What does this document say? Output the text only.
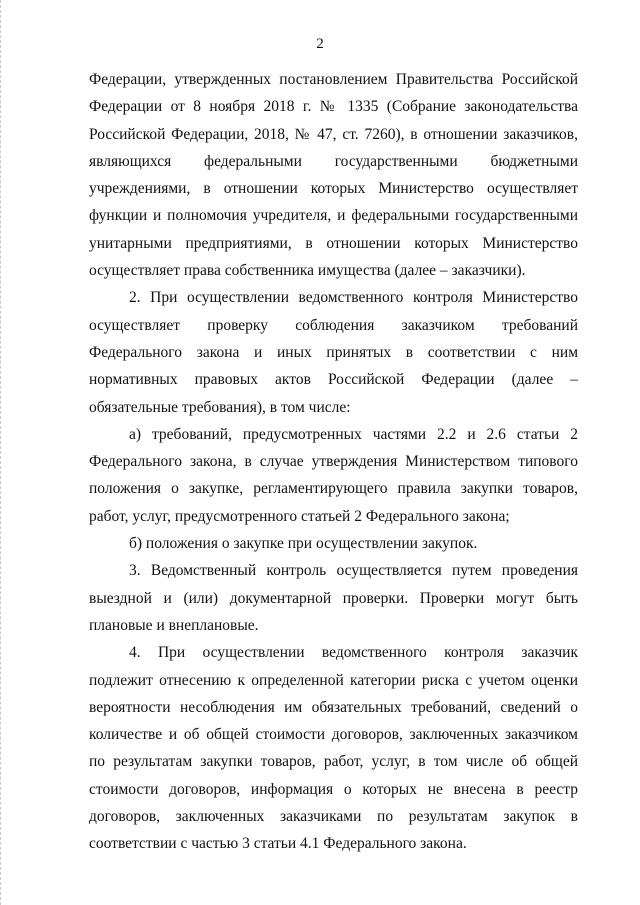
2

Федерации, утвержденных постановлением Правительства Российской Федерации от 8 ноября 2018 г. № 1335 (Собрание законодательства Российской Федерации, 2018, № 47, ст. 7260), в отношении заказчиков, являющихся федеральными государственными бюджетными учреждениями, в отношении которых Министерство осуществляет функции и полномочия учредителя, и федеральными государственными унитарными предприятиями, в отношении которых Министерство осуществляет права собственника имущества (далее – заказчики).

2. При осуществлении ведомственного контроля Министерство осуществляет проверку соблюдения заказчиком требований Федерального закона и иных принятых в соответствии с ним нормативных правовых актов Российской Федерации (далее – обязательные требования), в том числе:

а) требований, предусмотренных частями 2.2 и 2.6 статьи 2 Федерального закона, в случае утверждения Министерством типового положения о закупке, регламентирующего правила закупки товаров, работ, услуг, предусмотренного статьей 2 Федерального закона;

б) положения о закупке при осуществлении закупок.

3. Ведомственный контроль осуществляется путем проведения выездной и (или) документарной проверки. Проверки могут быть плановые и внеплановые.

4. При осуществлении ведомственного контроля заказчик подлежит отнесению к определенной категории риска с учетом оценки вероятности несоблюдения им обязательных требований, сведений о количестве и об общей стоимости договоров, заключенных заказчиком по результатам закупки товаров, работ, услуг, в том числе об общей стоимости договоров, информация о которых не внесена в реестр договоров, заключенных заказчиками по результатам закупок в соответствии с частью 3 статьи 4.1 Федерального закона.
